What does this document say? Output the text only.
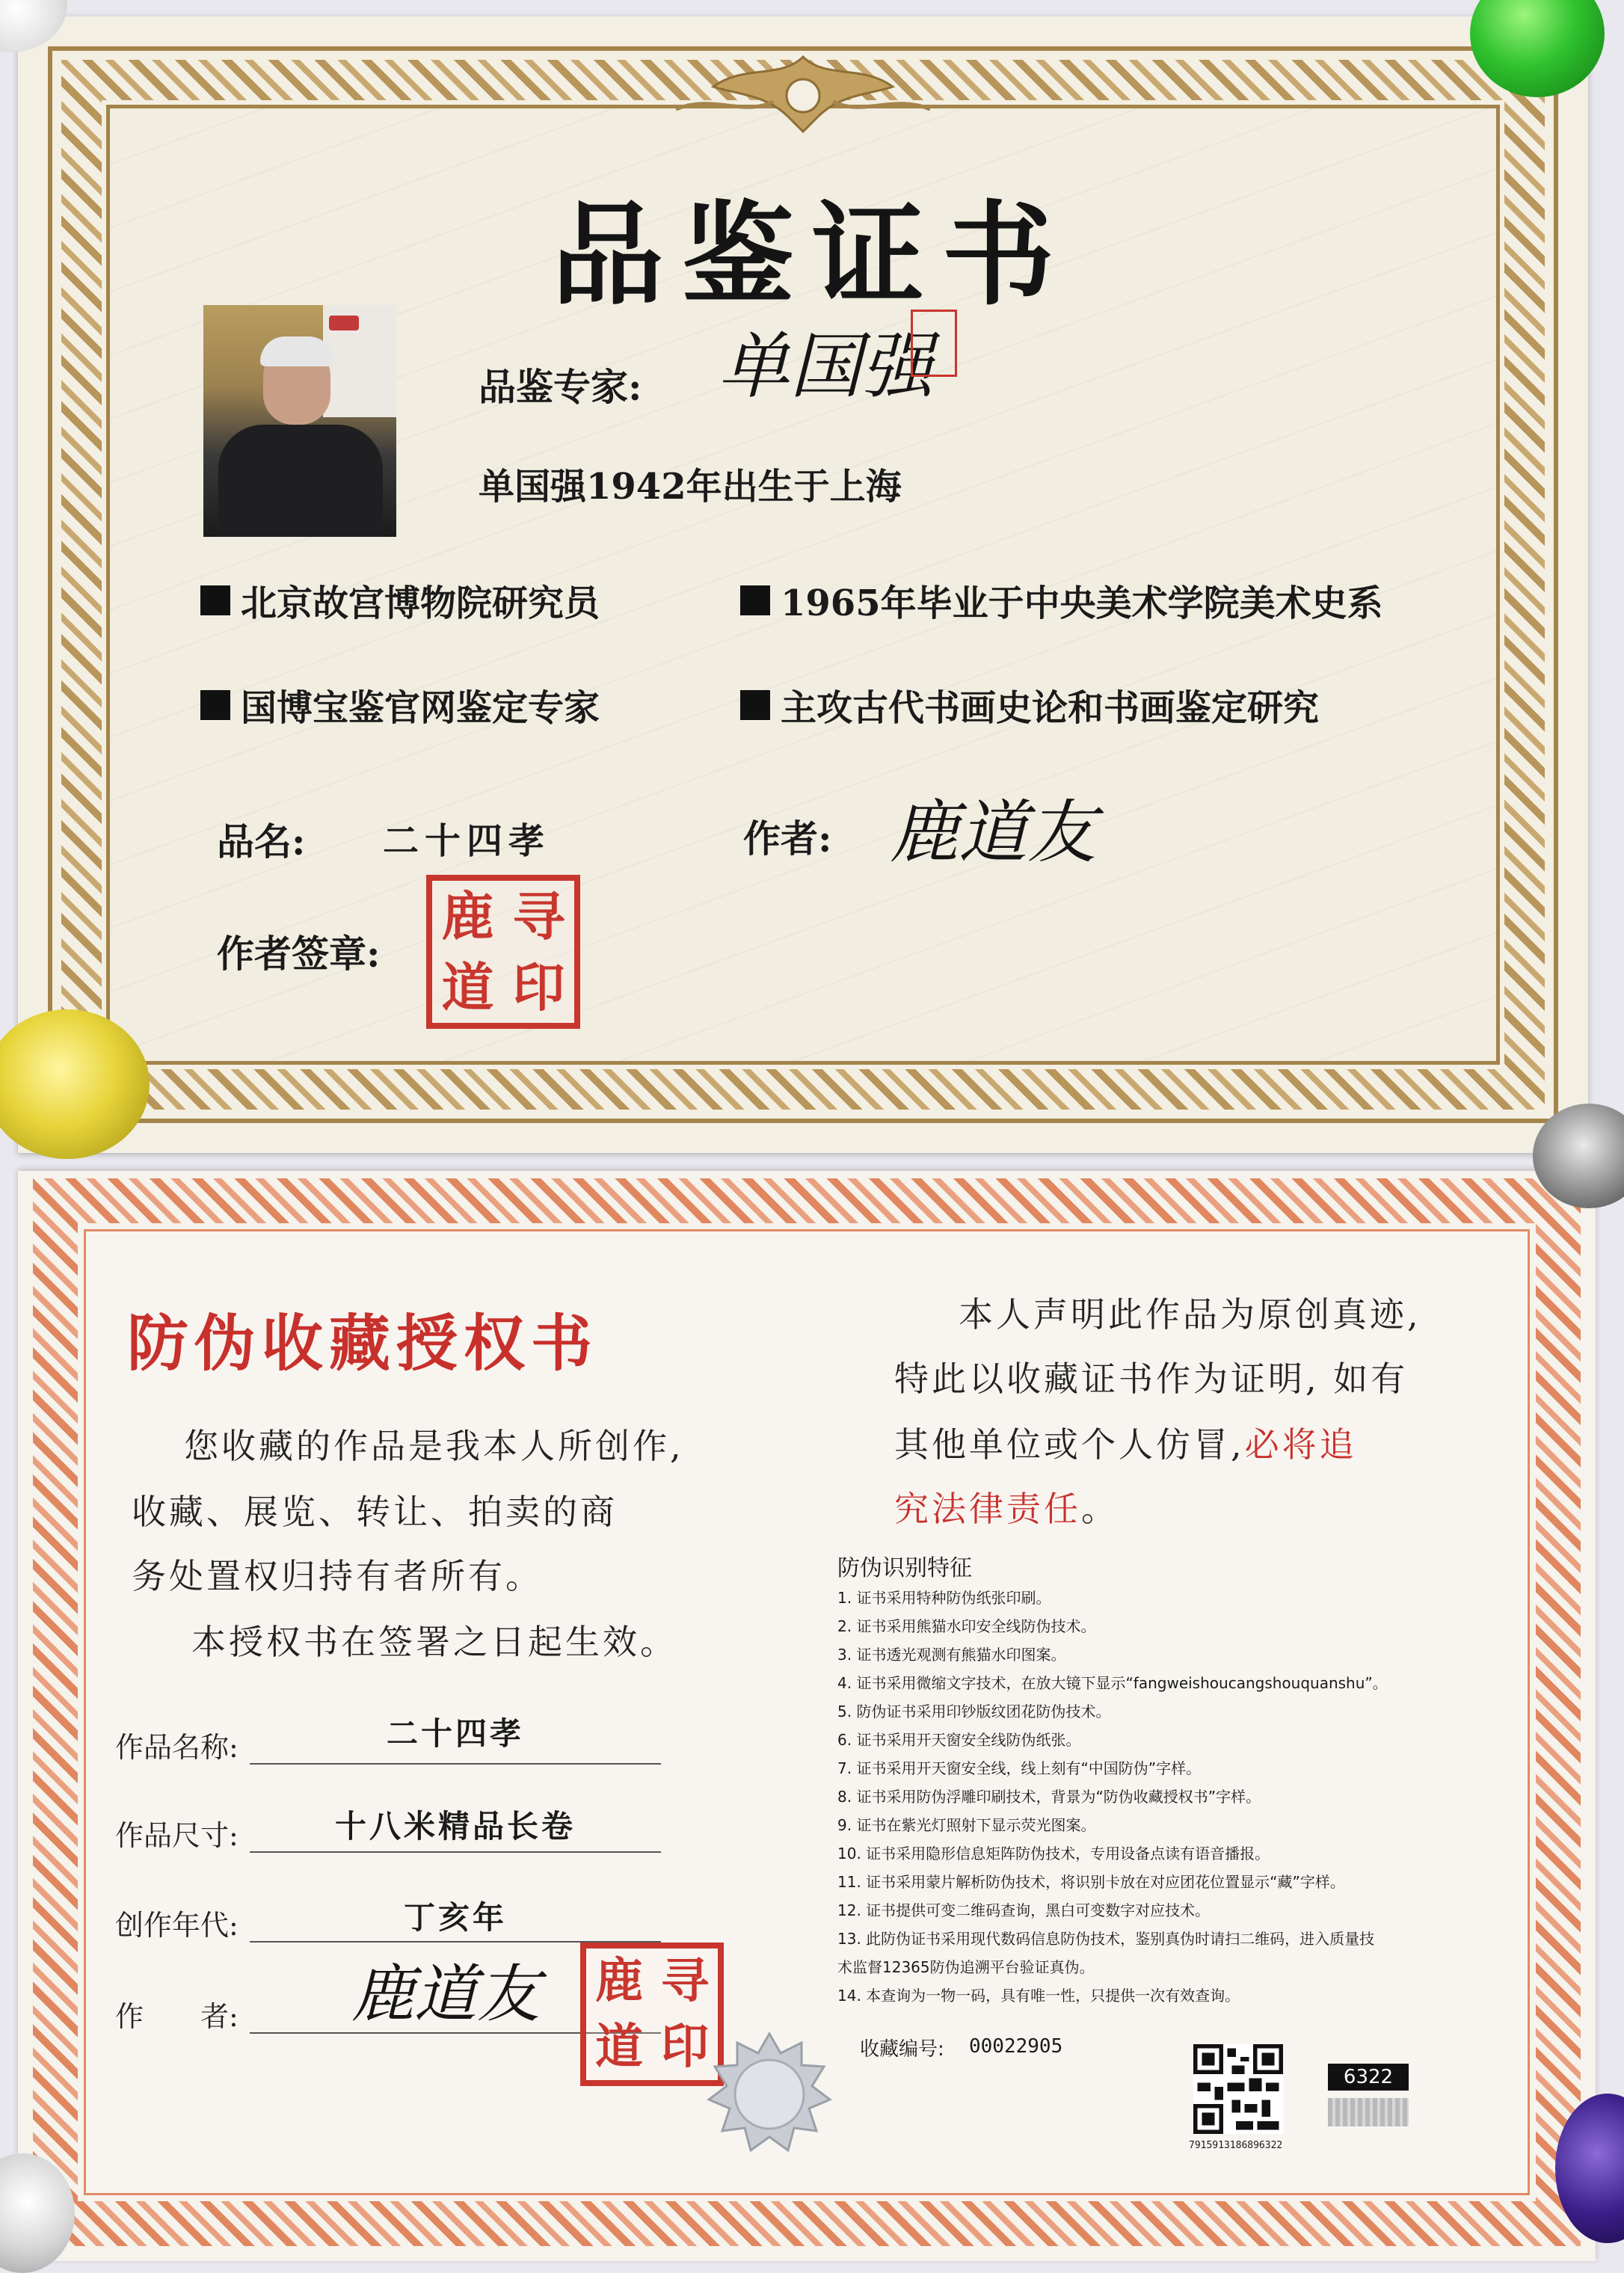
品鉴证书
品鉴专家: 单国强
单国强1942年出生于上海
北京故宫博物院研究员	1965年毕业于中央美术学院美术史系
国博宝鉴官网鉴定专家	主攻古代书画史论和书画鉴定研究
品名: 二十四孝	作者: 鹿道友
作者签章:
鹿 寻
道 印
防伪收藏授权书
您收藏的作品是我本人所创作,
收藏、展览、转让、拍卖的商
务处置权归持有者所有。
本授权书在签署之日起生效。
本人声明此作品为原创真迹,
特此以收藏证书作为证明, 如有
其他单位或个人仿冒,必将追
究法律责任。
作品名称:	二十四孝
作品尺寸:	十八米精品长卷
创作年代:	丁亥年
作　　者: 鹿道友 鹿 寻
道 印
防伪识别特征
1. 证书采用特种防伪纸张印刷。
2. 证书采用熊猫水印安全线防伪技术。
3. 证书透光观测有熊猫水印图案。
4. 证书采用微缩文字技术，在放大镜下显示“fangweishoucangshouquanshu”。
5. 防伪证书采用印钞版纹团花防伪技术。
6. 证书采用开天窗安全线防伪纸张。
7. 证书采用开天窗安全线，线上刻有“中国防伪”字样。
8. 证书采用防伪浮雕印刷技术，背景为“防伪收藏授权书”字样。
9. 证书在紫光灯照射下显示荧光图案。
10. 证书采用隐形信息矩阵防伪技术，专用设备点读有语音播报。
11. 证书采用蒙片解析防伪技术，将识别卡放在对应团花位置显示“藏”字样。
12. 证书提供可变二维码查询，黑白可变数字对应技术。
13. 此防伪证书采用现代数码信息防伪技术，鉴别真伪时请扫二维码，进入质量技
术监督12365防伪追溯平台验证真伪。
14. 本查询为一物一码，具有唯一性，只提供一次有效查询。
收藏编号: 00022905
7915913186896322
6322
